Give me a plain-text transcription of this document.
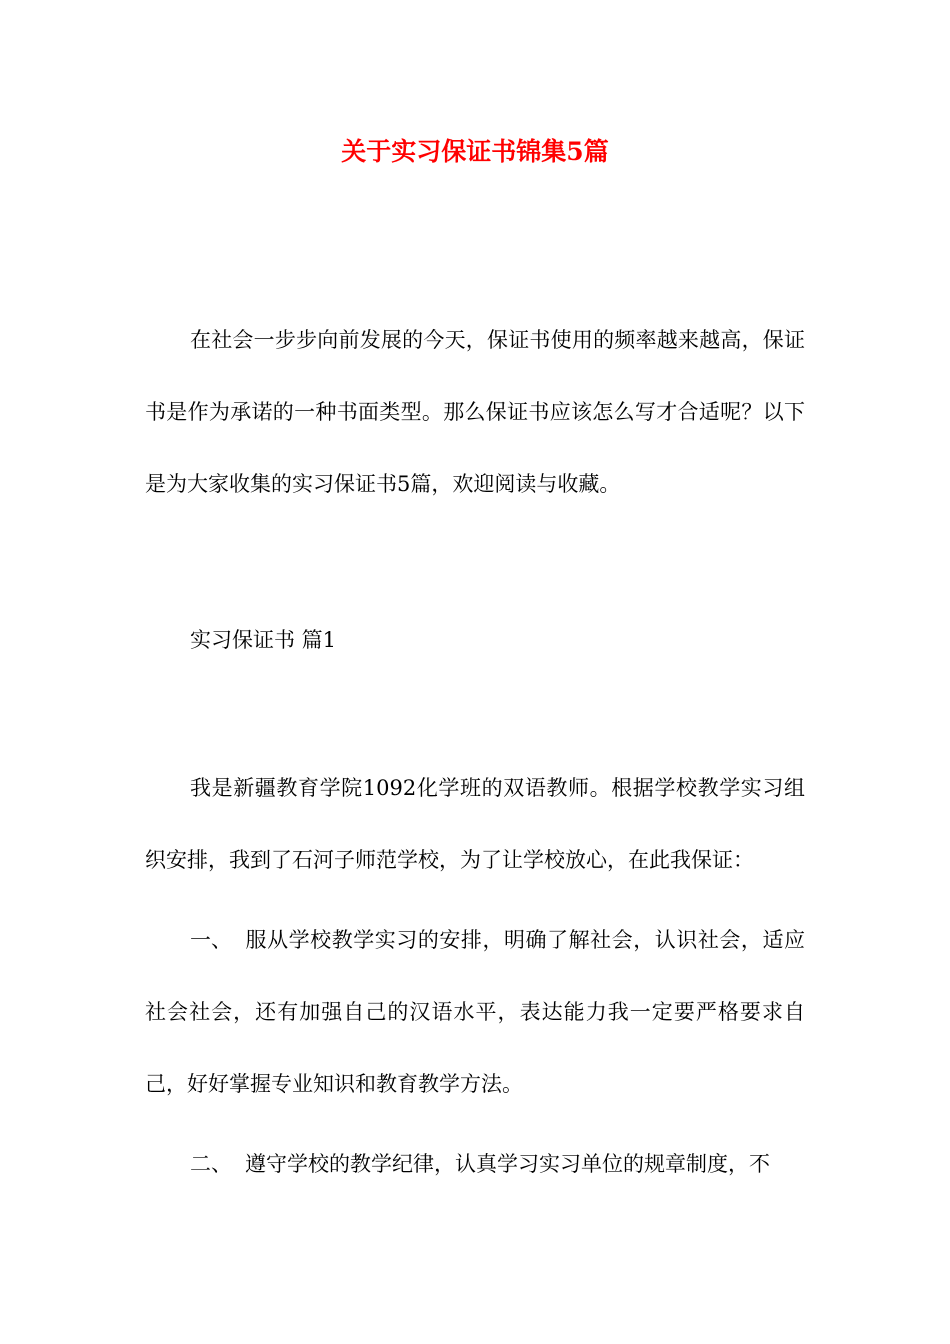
关于实习保证书锦集5篇

在社会一步步向前发展的今天，保证书使用的频率越来越高，保证书是作为承诺的一种书面类型。那么保证书应该怎么写才合适呢？以下是为大家收集的实习保证书5篇，欢迎阅读与收藏。

实习保证书 篇1

我是新疆教育学院1092化学班的双语教师。根据学校教学实习组织安排，我到了石河子师范学校，为了让学校放心，在此我保证：

一、 服从学校教学实习的安排，明确了解社会，认识社会，适应社会社会，还有加强自己的汉语水平，表达能力我一定要严格要求自己，好好掌握专业知识和教育教学方法。

二、 遵守学校的教学纪律，认真学习实习单位的规章制度，不
